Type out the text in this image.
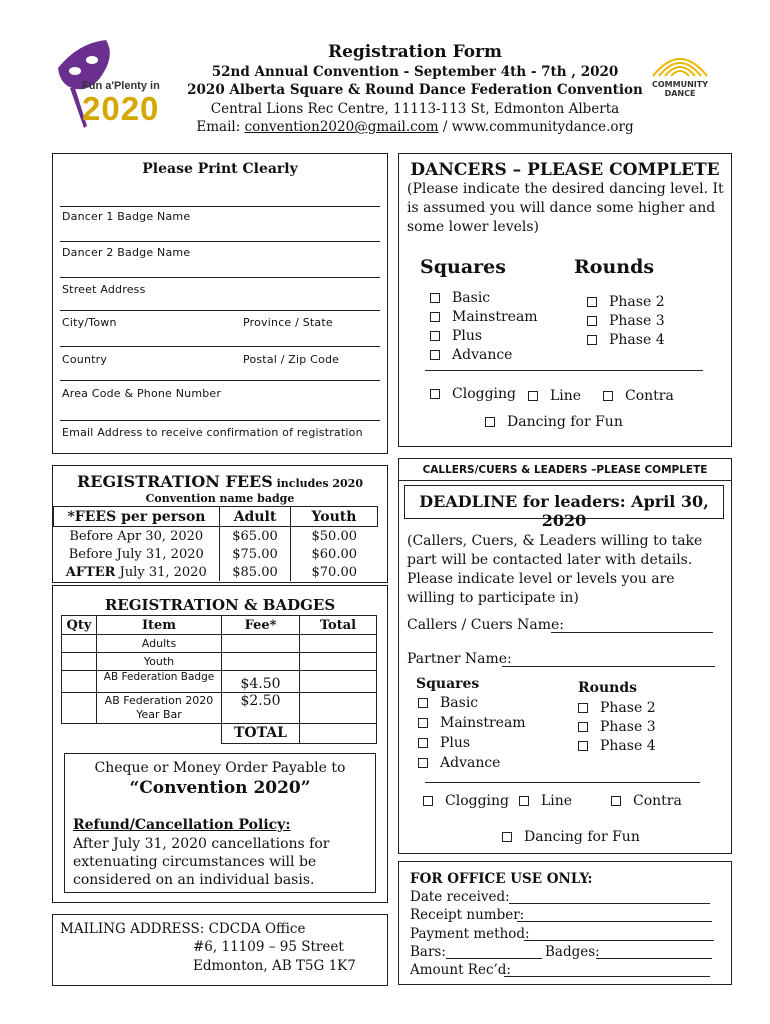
Fun a'Plenty in
2020
Registration Form
52nd Annual Convention - September 4th - 7th , 2020
2020 Alberta Square & Round Dance Federation Convention
Central Lions Rec Centre, 11113-113 St, Edmonton Alberta
Email: convention2020@gmail.com / www.communitydance.org
COMMUNITY
DANCE
Please Print Clearly
Dancer 1 Badge Name
Dancer 2 Badge Name
Street Address
City/Town	Province / State
Country	Postal / Zip Code
Area Code & Phone Number
Email Address to receive confirmation of registration
DANCERS – PLEASE COMPLETE
(Please indicate the desired dancing level. It is assumed you will dance some higher and some lower levels)
Squares	Rounds
Basic
Mainstream
Plus
Advance
Phase 2
Phase 3
Phase 4
Clogging	Line	Contra
Dancing for Fun
REGISTRATION FEES includes 2020
Convention name badge
*FEES per person	Adult	Youth
Before Apr 30, 2020	$65.00	$50.00
Before July 31, 2020	$75.00	$60.00
AFTER July 31, 2020	$85.00	$70.00
REGISTRATION & BADGES
Qty	Item	Fee*	Total
	Adults		
	Youth		
	AB Federation Badge	$4.50	
	AB Federation 2020 Year Bar	$2.50	
		TOTAL	
Cheque or Money Order Payable to
“Convention 2020”
Refund/Cancellation Policy:
After July 31, 2020 cancellations for extenuating circumstances will be considered on an individual basis.
MAILING ADDRESS: CDCDA Office
#6, 11109 – 95 Street
Edmonton, AB T5G 1K7
CALLERS/CUERS & LEADERS –PLEASE COMPLETE
DEADLINE for leaders: April 30, 2020
(Callers, Cuers, & Leaders willing to take part will be contacted later with details. Please indicate level or levels you are willing to participate in)
Callers / Cuers Name:
Partner Name:
Squares	Rounds
Basic
Mainstream
Plus
Advance
Phase 2
Phase 3
Phase 4
Clogging	Line	Contra
Dancing for Fun
FOR OFFICE USE ONLY:
Date received:
Receipt number:
Payment method:
Bars:	Badges:
Amount Rec’d:
